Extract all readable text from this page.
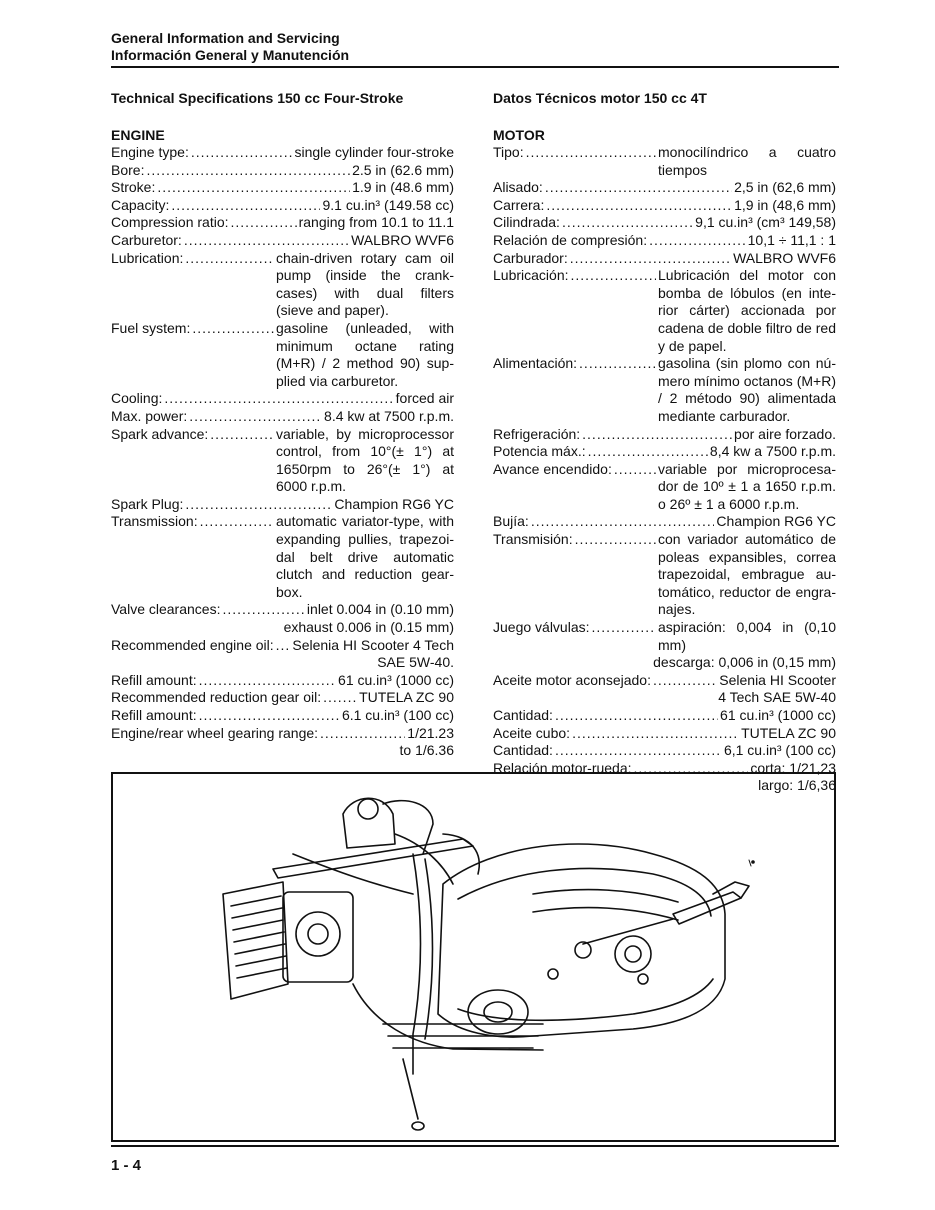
General Information and Servicing
Información General y Manutención
Technical Specifications 150 cc Four-Stroke
ENGINE
Engine type: .....	single cylinder four-stroke
Bore: .....	2.5 in (62.6 mm)
Stroke: .....	1.9 in (48.6 mm)
Capacity: .....	9.1 cu.in³ (149.58 cc)
Compression ratio: .....	ranging from 10.1 to 11.1
Carburetor: .....	WALBRO WVF6
Lubrication: .....	chain-driven rotary cam oil pump (inside the crank-cases) with dual filters (sieve and paper).
Fuel system: .....	gasoline (unleaded, with minimum octane rating (M+R) / 2 method 90) sup-plied via carburetor.
Cooling: .....	forced air
Max. power: .....	8.4 kw at 7500 r.p.m.
Spark advance: .....	variable, by microprocessor control, from 10°(± 1°) at 1650rpm to 26°(± 1°) at 6000 r.p.m.
Spark Plug: .....	Champion RG6 YC
Transmission: .....	automatic variator-type, with expanding pullies, trapezoi-dal belt drive automatic clutch and reduction gear-box.
Valve clearances: .....	inlet 0.004 in (0.10 mm)
exhaust 0.006 in (0.15 mm)
Recommended engine oil: ..... Selenia HI Scooter 4 Tech
SAE 5W-40.
Refill amount: .....	61 cu.in³ (1000 cc)
Recommended reduction gear oil: .....	TUTELA ZC 90
Refill amount: .....	6.1 cu.in³ (100 cc)
Engine/rear wheel gearing range: .....	1/21.23
to 1/6.36
Datos Técnicos motor 150 cc 4T
MOTOR
Tipo: .....	monocilíndrico a cuatro tiempos
Alisado: .....	2,5 in (62,6 mm)
Carrera: .....	1,9 in (48,6 mm)
Cilindrada: .....	9,1 cu.in³ (cm³ 149,58)
Relación de compresión: .....	10,1 ÷ 11,1 : 1
Carburador: .....	WALBRO WVF6
Lubricación: .....	Lubricación del motor con bomba de lóbulos (en inte-rior cárter) accionada por cadena de doble filtro de red y de papel.
Alimentación: .....	gasolina (sin plomo con nú-mero mínimo octanos (M+R) / 2 método 90) alimentada mediante carburador.
Refrigeración: .....	por aire forzado.
Potencia máx.: .....	8,4 kw a 7500 r.p.m.
Avance encendido: .....	variable por microprocesa-dor de 10º ± 1 a 1650 r.p.m. o 26º ± 1 a 6000 r.p.m.
Bujía: .....	Champion RG6 YC
Transmisión: .....	con variador automático de poleas expansibles, correa trapezoidal, embrague au-tomático, reductor de engra-najes.
Juego válvulas: .....	aspiración: 0,004 in (0,10 mm)
descarga: 0,006 in (0,15 mm)
Aceite motor aconsejado: .....	Selenia HI Scooter
4 Tech SAE 5W-40
Cantidad: .....	61 cu.in³ (1000 cc)
Aceite cubo: .....	TUTELA ZC 90
Cantidad: .....	6,1 cu.in³ (100 cc)
Relación motor-rueda: .....	corta: 1/21,23
largo: 1/6,36
1 - 4
